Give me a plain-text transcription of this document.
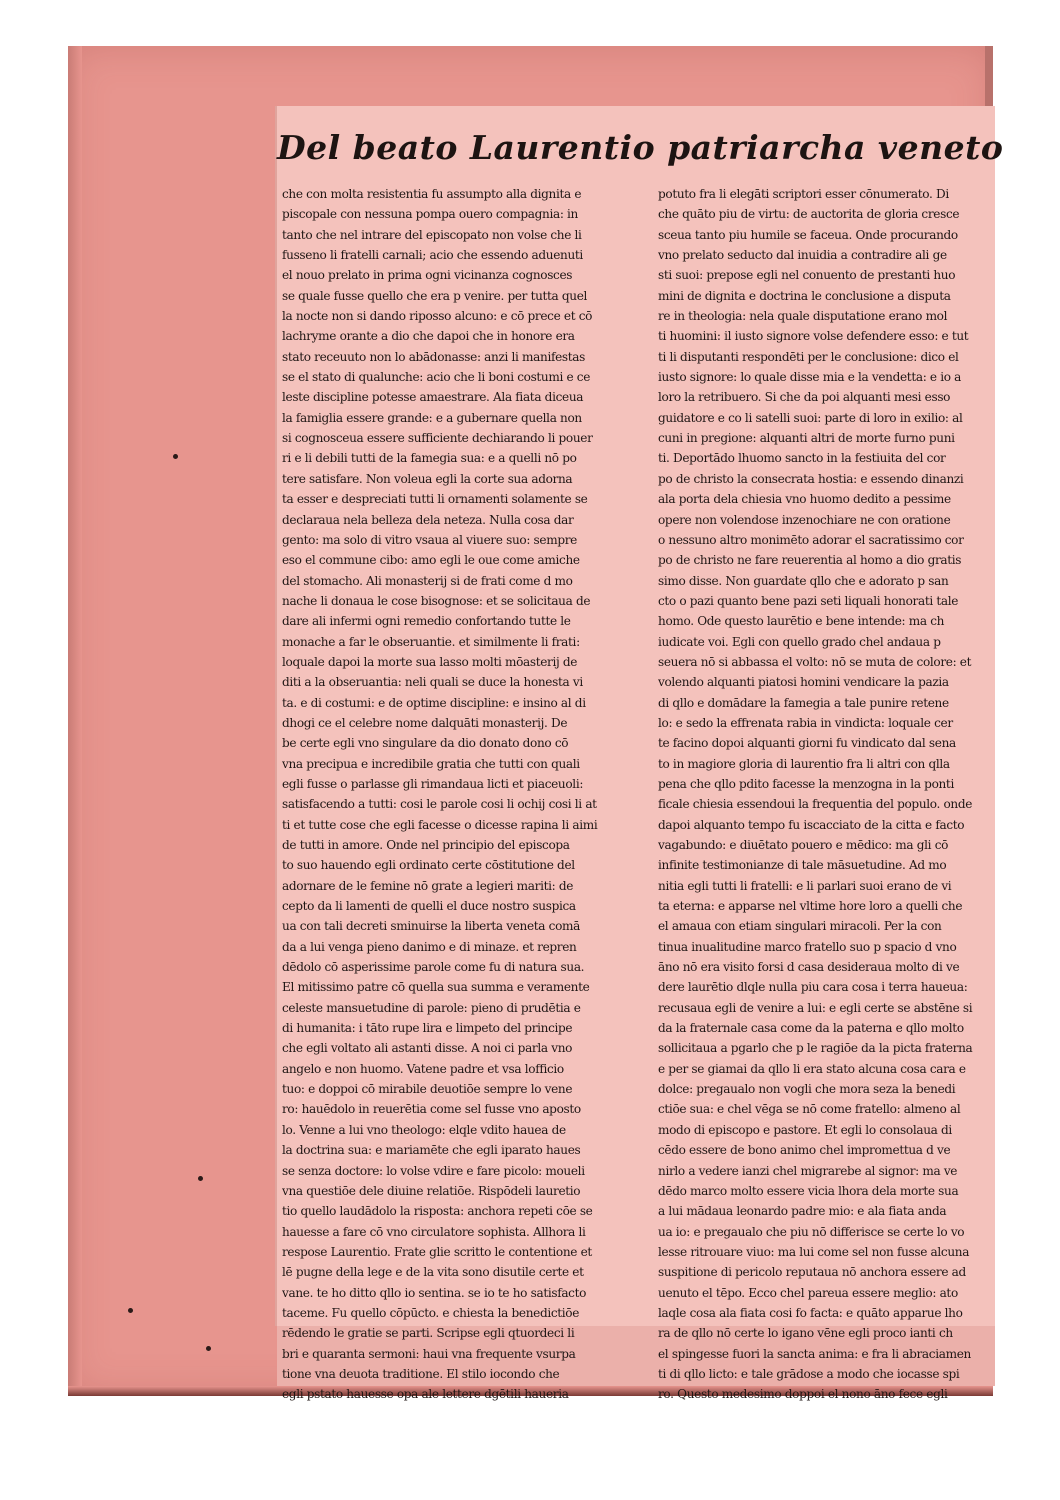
Del beato Laurentio patriarcha veneto
che con molta resistentia fu assumpto alla dignita e
piscopale con nessuna pompa ouero compagnia: in
tanto che nel intrare del episcopato non volse che li
fusseno li fratelli carnali; acio che essendo aduenuti
el nouo prelato in prima ogni vicinanza cognosces
se quale fusse quello che era p venire. per tutta quel
la nocte non si dando riposso alcuno: e cō prece et cō
lachryme orante a dio che dapoi che in honore era
stato receuuto non lo abādonasse: anzi li manifestas
se el stato di qualunche: acio che li boni costumi e ce
leste disciplinе potesse amaestrare. Ala fiata diceua
la famiglia essere grande: e a gubernare quella non
si cognosceua essere sufficiente dechiarando li pouer
ri e li debili tutti de la famegia sua: e a quelli nō po
tere satisfare. Non voleua egli la corte sua adorna
ta esser e despreciati tutti li ornamenti solamente se
declaraua nela belleza dela neteza. Nulla cosa dar
gento: ma solo di vitro vsaua al viuere suo: sempre
eso el commune cibo: amo egli le oue come amiche
del stomacho. Ali monasterij si de frati come d mo
nache li donaua le cose bisognose: et se solicitaua de
dare ali infermi ogni remedio confortando tutte le
monache a far le obseruantie. et similmente li frati:
loquale dapoi la morte sua lasso molti mōasterij de
diti a la obseruantia: neli quali se duce la honesta vi
ta. e di costumi: e de optime discipline: e insino al di
dhogi ce el celebre nome dalquāti monasterij. De
be certe egli vno singulare da dio donato dono cō
vna precipua e incredibile gratia che tutti con quali
egli fusse o parlasse gli rimandaua licti et piaceuoli:
satisfacendo a tutti: cosi le parole cosi li ochij cosi li at
ti et tutte cose che egli facesse o dicesse rapina li aimi
de tutti in amore. Onde nel principio del episcopa
to suo hauendo egli ordinato certe cōstitutione del
adornare de le femine nō grate a legieri mariti: de
cepto da li lamenti de quelli el duce nostro suspica
ua con tali decreti sminuirse la liberta veneta comā
da a lui venga pieno danimo e di minaze. et repren
dēdolo cō asperissime parole come fu di natura sua.
El mitissimo patre cō quella sua summa e veramente
celeste mansuetudine di parole: pieno di prudētia e
di humanita: i tāto rupe lira e limpeto del principe
che egli voltato ali astanti disse. A noi ci parla vno
angelo e non huomo. Vatene padre et vsa lofficio
tuo: e doppoi cō mirabile deuotiōe sempre lo vene
ro: hauēdolo in reuerētia come sel fusse vno aposto
lo. Venne a lui vno theologo: elqle vdito hauea de
la doctrina sua: e mariamēte che egli iparato haues
se senza doctore: lo volse vdire e fare picolo: moueli
vna questiōe dele diuine relatiōe. Rispōdeli lauretio
tio quello laudādolo la risposta: anchora repeti cōe se
hauesse a fare cō vno circulatore sophista. Allhora li
respose Laurentio. Frate glie scritto le contentione et
lē pugne della lege e de la vita sono disutile certe et
vane. te ho ditto qllo io sentina. se io te ho satisfacto
taceme. Fu quello cōpūcto. e chiesta la benedictiōe
rēdendo le gratie se parti. Scripse egli qtuordeci li
bri e quaranta sermoni: haui vna frequente vsurpa
tione vna deuota traditione. El stilo iocondo che
egli pstato hauesse opa ale lettere dgētili haueria
potuto fra li elegāti scriptori esser cōnumerato. Di
che quāto piu de virtu: de auctorita de gloria cresce
sceua tanto piu humile se faceua. Onde procurando
vno prelato seducto dal inuidia a contradire ali ge
sti suoi: prepose egli nel conuento de prestanti huo
mini de dignita e doctrina le conclusione a disputa
re in theologia: nela quale disputatione erano mol
ti huomini: il iusto signore volse defendere esso: e tut
ti li disputanti respondēti per le conclusione: dico el
iusto signore: lo quale disse mia e la vendetta: e io a
loro la retribuero. Si che da poi alquanti mesi esso
guidatore e co li satelli suoi: parte di loro in exilio: al
cuni in pregione: alquanti altri de morte furno puni
ti. Deportādo lhuomo sancto in la festiuita del cor
po de christo la consecrata hostia: e essendo dinanzi
ala porta dela chiesia vno huomo dedito a pessime
opere non volendose inzenochiare ne con oratione
o nessuno altro monimēto adorar el sacratissimo cor
po de christo ne fare reuerentia al homo a dio gratis
simo disse. Non guardate qllo che e adorato p san
cto o pazi quanto bene pazi seti liquali honorati tale
homo. Ode questo laurētio e bene intende: ma ch
iudicate voi. Egli con quello grado chel andaua p
seuera nō si abbassa el volto: nō se muta de colore: et
volendo alquanti piatosi homini vendicare la pazia
di qllo e domādare la famegia a tale punire retene
lo: e sedo la effrenata rabia in vindicta: loquale cer
te facino dopoi alquanti giorni fu vindicato dal sena
to in magiore gloria di laurentio fra li altri con qlla
pena che qllo pdito facesse la menzogna in la ponti
ficale chiesia essendoui la frequentia del populo. onde
dapoi alquanto tempo fu iscacciato de la citta e facto
vagabundo: e diuētato pouero e mēdico: ma gli cō
infinite testimonianze di tale māsuetudine. Ad mo
nitia egli tutti li fratelli: e li parlari suoi erano de vi
ta eterna: e apparse nel vltime hore loro a quelli che
el amaua con etiam singulari miracoli. Per la con
tinua inualitudine marco fratello suo p spacio d vno
āno nō era visito forsi d casa desideraua molto di ve
dere laurētio dlqle nulla piu cara cosa i terra haueua:
recusaua egli de venire a lui: e egli certe se abstēne si
da la fraternale casa come da la paterna e qllo molto
sollicitaua a pgarlo che p le ragiōe da la picta fraterna
e per se giamai da qllo li era stato alcuna cosa cara e
dolce: pregaualo non vogli che mora seza la benedi
ctiōe sua: e chel vēga se nō come fratello: almeno al
modo di episcopo e pastore. Et egli lo consolaua di
cēdo essere de bono animo chel impromettua d ve
nirlo a vedere ianzi chel migrarebe al signor: ma ve
dēdo marco molto essere vicia lhora dela morte sua
a lui mādaua leonardo padre mio: e ala fiata anda
ua io: e pregaualo che piu nō differisce se certe lo vo
lesse ritrouare viuo: ma lui come sel non fusse alcuna
suspitione di pericolo reputaua nō anchora essere ad
uenuto el tēpo. Ecco chel pareua essere meglio: ato
laqle cosa ala fiata cosi fo facta: e quāto apparue lho
ra de qllo nō certe lo igano vēne egli proco ianti ch
el spingesse fuori la sancta anima: e fra li abraciamen
ti di qllo licto: e tale grādose a modo che iocasse spi
ro. Questo medesimo doppoi el nono āno fece egli
